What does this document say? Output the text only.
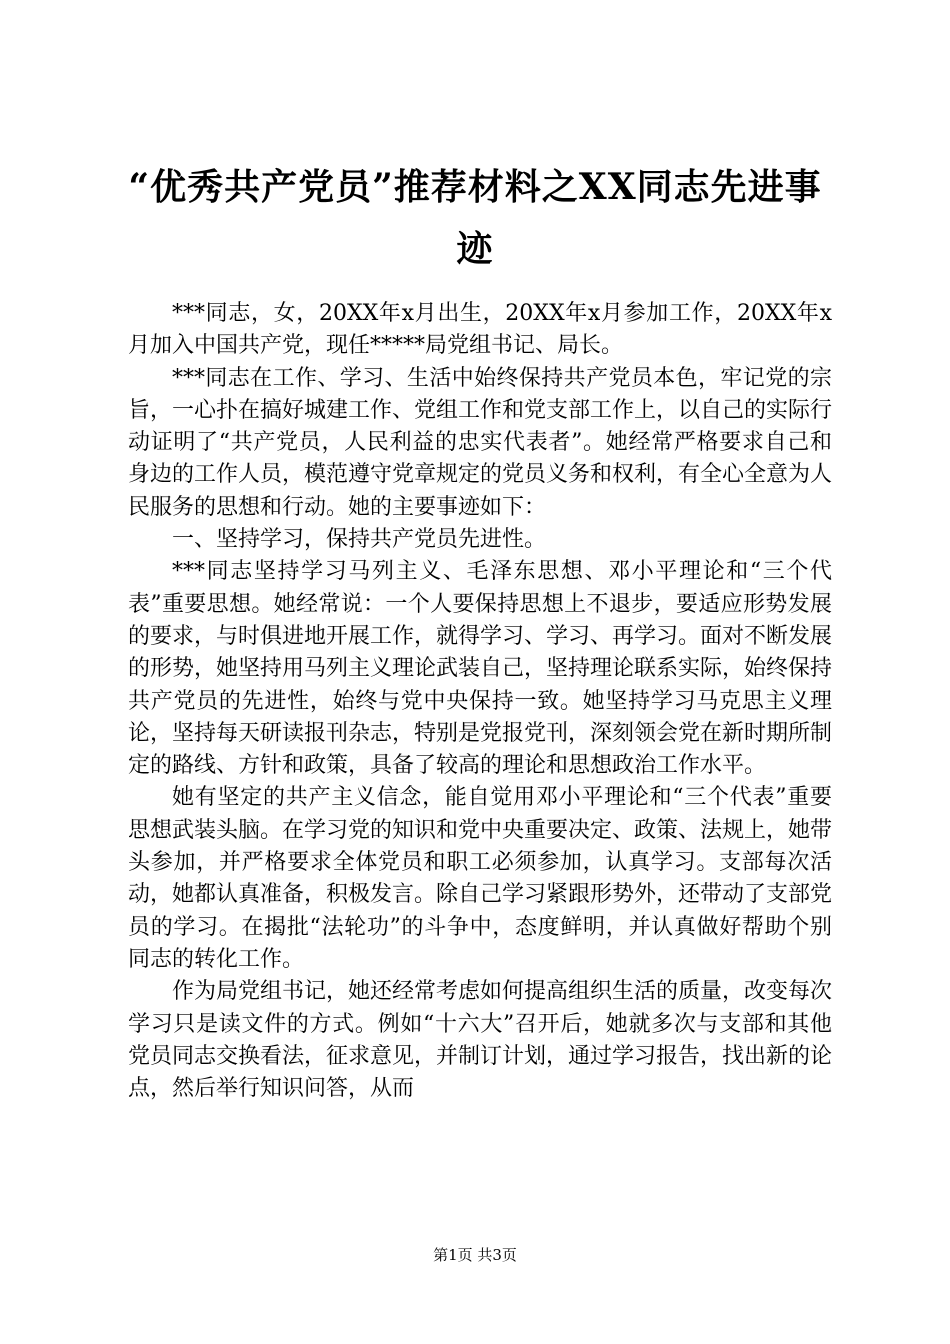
“优秀共产党员”推荐材料之XX同志先进事迹

***同志，女，20XX年x月出生，20XX年x月参加工作，20XX年x月加入中国共产党，现任*****局党组书记、局长。

***同志在工作、学习、生活中始终保持共产党员本色，牢记党的宗旨，一心扑在搞好城建工作、党组工作和党支部工作上，以自己的实际行动证明了“共产党员，人民利益的忠实代表者”。她经常严格要求自己和身边的工作人员，模范遵守党章规定的党员义务和权利，有全心全意为人民服务的思想和行动。她的主要事迹如下：

一、坚持学习，保持共产党员先进性。

***同志坚持学习马列主义、毛泽东思想、邓小平理论和“三个代表”重要思想。她经常说：一个人要保持思想上不退步，要适应形势发展的要求，与时俱进地开展工作，就得学习、学习、再学习。面对不断发展的形势，她坚持用马列主义理论武装自己，坚持理论联系实际，始终保持共产党员的先进性，始终与党中央保持一致。她坚持学习马克思主义理论，坚持每天研读报刊杂志，特别是党报党刊，深刻领会党在新时期所制定的路线、方针和政策，具备了较高的理论和思想政治工作水平。

她有坚定的共产主义信念，能自觉用邓小平理论和“三个代表”重要思想武装头脑。在学习党的知识和党中央重要决定、政策、法规上，她带头参加，并严格要求全体党员和职工必须参加，认真学习。支部每次活动，她都认真准备，积极发言。除自己学习紧跟形势外，还带动了支部党员的学习。在揭批“法轮功”的斗争中，态度鲜明，并认真做好帮助个别同志的转化工作。

作为局党组书记，她还经常考虑如何提高组织生活的质量，改变每次学习只是读文件的方式。例如“十六大”召开后，她就多次与支部和其他党员同志交换看法，征求意见，并制订计划，通过学习报告，找出新的论点，然后举行知识问答，从而

第1页 共3页
